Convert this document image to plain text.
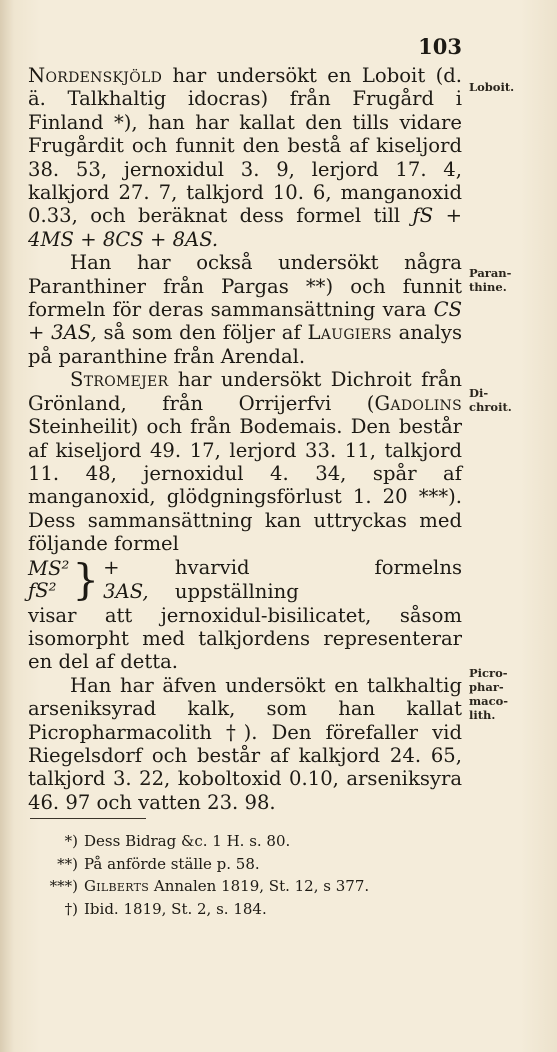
103

Nordenskjöld har undersökt en Loboit (d. ä. Talkhaltig idocras) från Frugård i Finland *), han har kallat den tills vidare Frugårdit och funnit den bestå af kiseljord 38. 53, jernoxidul 3. 9, lerjord 17. 4, kalkjord 27. 7, talkjord 10. 6, manganoxid 0.33, och beräknat dess formel till ƒS + 4MS + 8CS + 8AS.

Han har också undersökt några Paranthiner från Pargas **) och funnit formeln för deras sammansättning vara CS + 3AS, så som den följer af Laugiers analys på paranthine från Arendal.

Stromejer har undersökt Dichroit från Grönland, från Orrijerfvi (Gadolins Steinheilit) och från Bodemais. Den består af kiseljord 49. 17, lerjord 33. 11, talkjord 11. 48, jernoxidul 4. 34, spår af manganoxid, glödgningsförlust 1. 20 ***). Dess sammansättning kan uttryckas med följande formel

MS²
ƒS² } + 3AS,

hvarvid formelns uppställning

visar att jernoxidul-bisilicatet, såsom isomorpht med talkjordens representerar en del af detta.

Han har äfven undersökt en talkhaltig arseniksyrad kalk, som han kallat Picropharmacolith †). Den förefaller vid Riegelsdorf och består af kalkjord 24. 65, talkjord 3. 22, koboltoxid 0.10, arseniksyra 46. 97 och vatten 23. 98.

Loboit.
Paran-
thine.
Di-
chroit.
Picro-
phar-
maco-
lith.
*) Dess Bidrag &c. 1 H. s. 80.
**) På anförde ställe p. 58.
***) Gilberts Annalen 1819, St. 12, s 377.
†) Ibid. 1819, St. 2, s. 184.
